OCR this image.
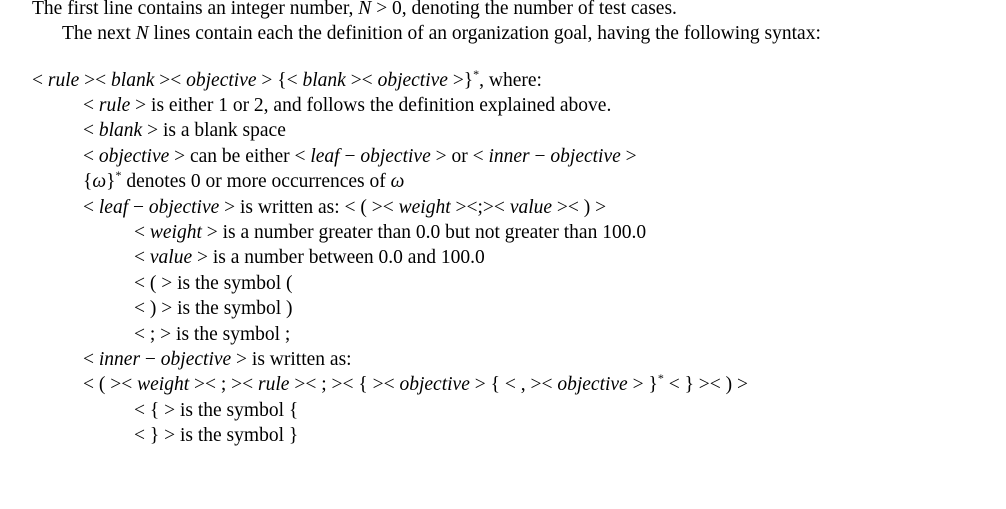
The first line contains an integer number, N > 0, denoting the number of test cases.
The next N lines contain each the definition of an organization goal, having the following syntax:
< rule >< blank >< objective > {< blank >< objective >}*, where:
< rule > is either 1 or 2, and follows the definition explained above.
< blank > is a blank space
< objective > can be either < leaf − objective > or < inner − objective >
{ω}* denotes 0 or more occurrences of ω
< leaf − objective > is written as: < ( >< weight ><;>< value >< ) >
< weight > is a number greater than 0.0 but not greater than 100.0
< value > is a number between 0.0 and 100.0
< ( > is the symbol (
< ) > is the symbol )
< ; > is the symbol ;
< inner − objective > is written as:
< ( >< weight >< ; >< rule >< ; >< { >< objective > { < , >< objective > }* < } >< ) >
< { > is the symbol {
< } > is the symbol }
